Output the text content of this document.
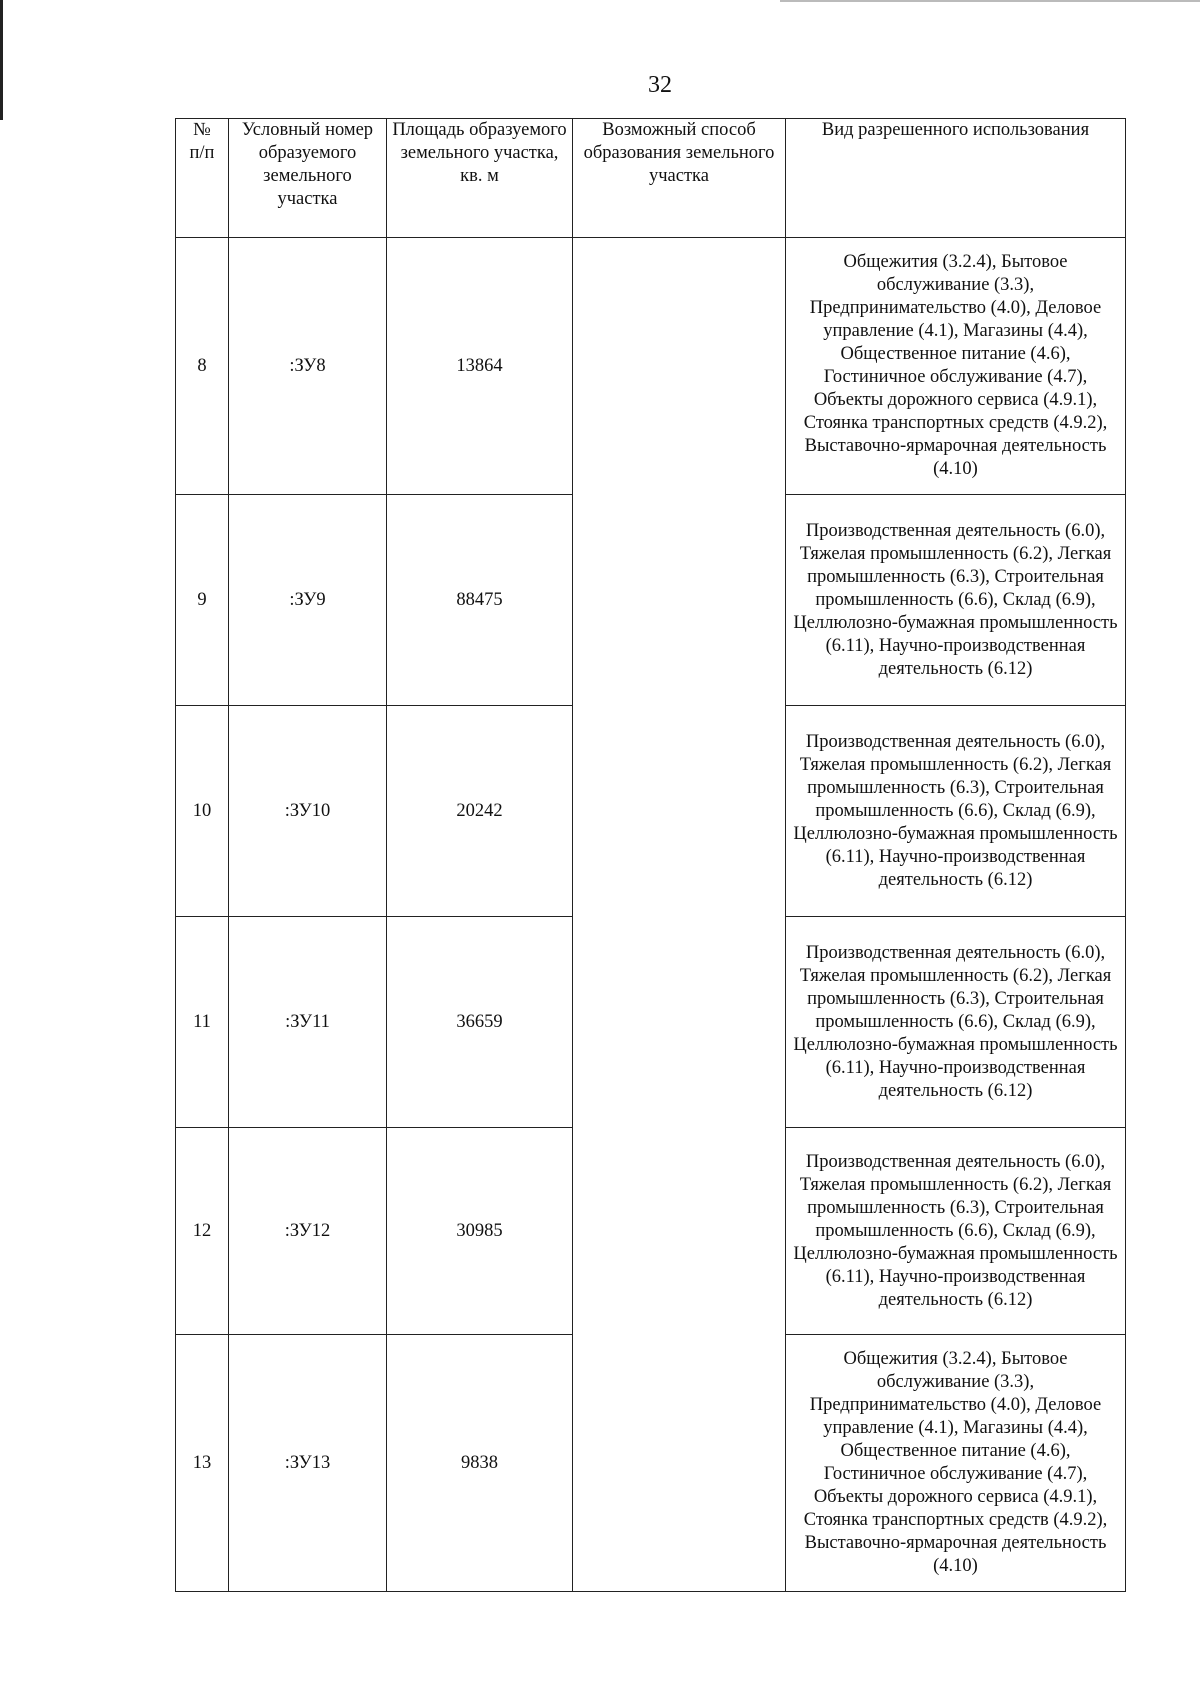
32
№
п/п	Условный номер образуемого земельного участка	Площадь образуемого земельного участка, кв. м	Возможный способ образования земельного участка	Вид разрешенного использования
8	:ЗУ8	13864		Общежития (3.2.4), Бытовое обслуживание (3.3), Предпринимательство (4.0), Деловое управление (4.1), Магазины (4.4), Общественное питание (4.6), Гостиничное обслуживание (4.7), Объекты дорожного сервиса (4.9.1), Стоянка транспортных средств (4.9.2), Выставочно-ярмарочная деятельность (4.10)
9	:ЗУ9	88475		Производственная деятельность (6.0), Тяжелая промышленность (6.2), Легкая промышленность (6.3), Строительная промышленность (6.6), Склад (6.9), Целлюлозно-бумажная промышленность (6.11), Научно-производственная деятельность (6.12)
10	:ЗУ10	20242		Производственная деятельность (6.0), Тяжелая промышленность (6.2), Легкая промышленность (6.3), Строительная промышленность (6.6), Склад (6.9), Целлюлозно-бумажная промышленность (6.11), Научно-производственная деятельность (6.12)
11	:ЗУ11	36659		Производственная деятельность (6.0), Тяжелая промышленность (6.2), Легкая промышленность (6.3), Строительная промышленность (6.6), Склад (6.9), Целлюлозно-бумажная промышленность (6.11), Научно-производственная деятельность (6.12)
12	:ЗУ12	30985		Производственная деятельность (6.0), Тяжелая промышленность (6.2), Легкая промышленность (6.3), Строительная промышленность (6.6), Склад (6.9), Целлюлозно-бумажная промышленность (6.11), Научно-производственная деятельность (6.12)
13	:ЗУ13	9838		Общежития (3.2.4), Бытовое обслуживание (3.3), Предпринимательство (4.0), Деловое управление (4.1), Магазины (4.4), Общественное питание (4.6), Гостиничное обслуживание (4.7), Объекты дорожного сервиса (4.9.1), Стоянка транспортных средств (4.9.2), Выставочно-ярмарочная деятельность (4.10)
